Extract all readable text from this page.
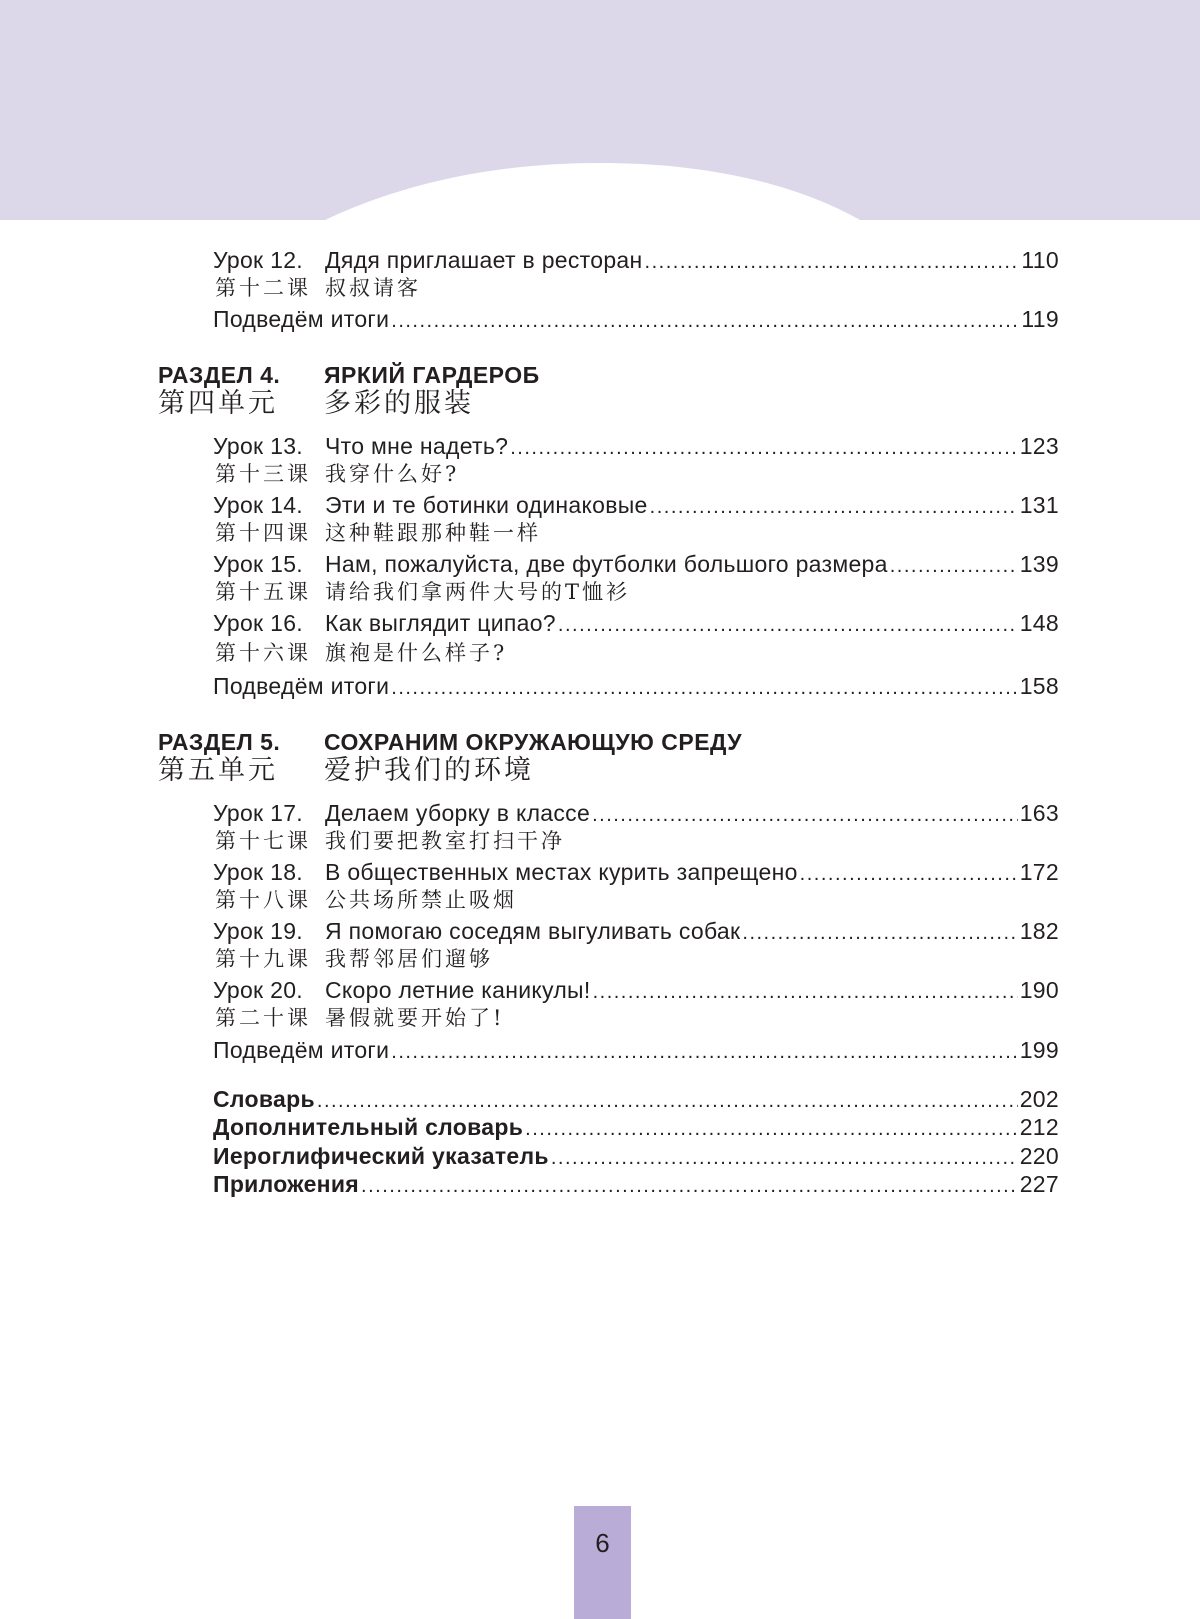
Урок 12. Дядя приглашает в ресторан .....	110
第十二课 叔叔请客
Подведём итоги .....	119
РАЗДЕЛ 4. ЯРКИЙ ГАРДЕРОБ
第四单元 多彩的服装
Урок 13. Что мне надеть? .....	123
第十三课 我穿什么好?
Урок 14. Эти и те ботинки одинаковые .....	131
第十四课 这种鞋跟那种鞋一样
Урок 15. Нам, пожалуйста, две футболки большого размера .....	139
第十五课 请给我们拿两件大号的T恤衫
Урок 16. Как выглядит ципао? .....	148
第十六课 旗袍是什么样子?
Подведём итоги .....	158
РАЗДЕЛ 5. СОХРАНИМ ОКРУЖАЮЩУЮ СРЕДУ
第五单元 爱护我们的环境
Урок 17. Делаем уборку в классе .....	163
第十七课 我们要把教室打扫干净
Урок 18. В общественных местах курить запрещено .....	172
第十八课 公共场所禁止吸烟
Урок 19. Я помогаю соседям выгуливать собак .....	182
第十九课 我帮邻居们遛够
Урок 20. Скоро летние каникулы! .....	190
第二十课 暑假就要开始了!
Подведём итоги .....	199
Словарь .....	202
Дополнительный словарь .....	212
Иероглифический указатель .....	220
Приложения .....	227
6
